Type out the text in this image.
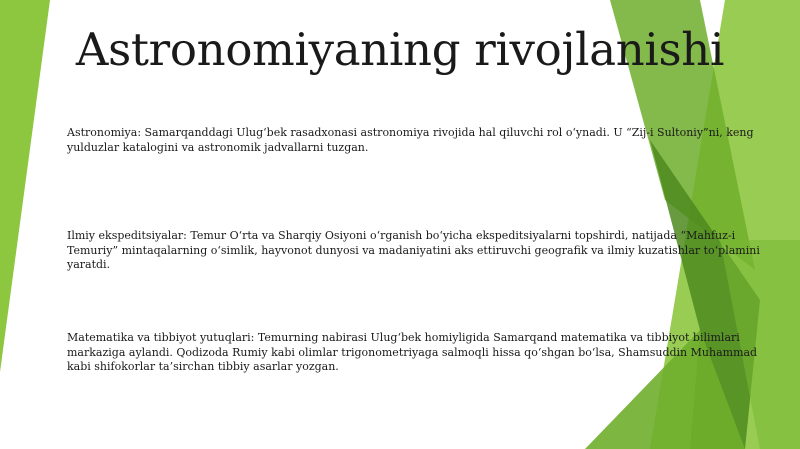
Astronomiyaning rivojlanishi

Astronomiya: Samarqanddagi Ulug‘bek rasadxonasi astronomiya rivojida hal qiluvchi rol o‘ynadi. U “Zij-i Sultoniy”ni, keng yulduzlar katalogini va astronomik jadvallarni tuzgan.

Ilmiy ekspeditsiyalar: Temur O‘rta va Sharqiy Osiyoni o‘rganish bo‘yicha ekspeditsiyalarni topshirdi, natijada “Mahfuz-i Temuriy” mintaqalarning o‘simlik, hayvonot dunyosi va madaniyatini aks ettiruvchi geografik va ilmiy kuzatishlar to‘plamini yaratdi.

Matematika va tibbiyot yutuqlari: Temurning nabirasi Ulug‘bek homiyligida Samarqand matematika va tibbiyot bilimlari markaziga aylandi. Qodizoda Rumiy kabi olimlar trigonometriyaga salmoqli hissa qo‘shgan bo‘lsa, Shamsuddin Muhammad kabi shifokorlar ta’sirchan tibbiy asarlar yozgan.
